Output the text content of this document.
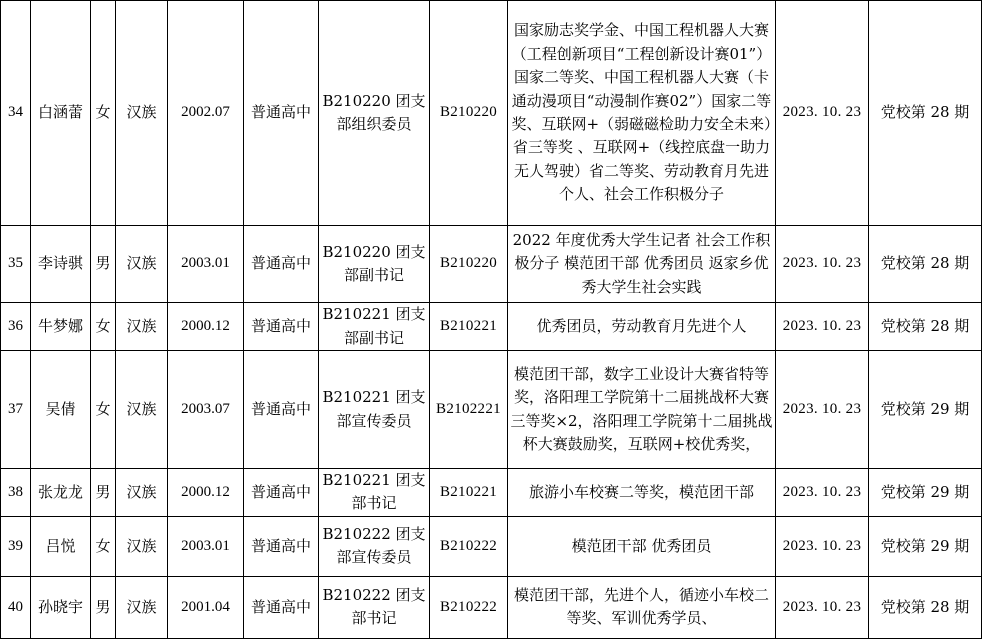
34	白涵蕾	女	汉族	2002.07	普通高中	B210220 团支部组织委员	B210220	国家励志奖学金、中国工程机器人大赛（工程创新项目“工程创新设计赛01”）国家二等奖、中国工程机器人大赛（卡通动漫项目“动漫制作赛02”）国家二等奖、互联网+（弱磁磁检助力安全未来）省三等奖 、互联网+（线控底盘一助力无人驾驶）省二等奖、劳动教育月先进个人、社会工作积极分子	2023. 10. 23	党校第 28 期
35	李诗骐	男	汉族	2003.01	普通高中	B210220 团支部副书记	B210220	2022 年度优秀大学生记者 社会工作积极分子 模范团干部 优秀团员 返家乡优秀大学生社会实践	2023. 10. 23	党校第 28 期
36	牛梦娜	女	汉族	2000.12	普通高中	B210221 团支部副书记	B210221	优秀团员，劳动教育月先进个人	2023. 10. 23	党校第 28 期
37	吴倩	女	汉族	2003.07	普通高中	B210221 团支部宣传委员	B2102221	模范团干部，数字工业设计大赛省特等奖，洛阳理工学院第十二届挑战杯大赛三等奖×2，洛阳理工学院第十二届挑战杯大赛鼓励奖，互联网+校优秀奖，	2023. 10. 23	党校第 29 期
38	张龙龙	男	汉族	2000.12	普通高中	B210221 团支部书记	B210221	旅游小车校赛二等奖，模范团干部	2023. 10. 23	党校第 29 期
39	吕悦	女	汉族	2003.01	普通高中	B210222 团支部宣传委员	B210222	模范团干部 优秀团员	2023. 10. 23	党校第 29 期
40	孙晓宇	男	汉族	2001.04	普通高中	B210222 团支部书记	B210222	模范团干部，先进个人，循迹小车校二等奖、军训优秀学员、	2023. 10. 23	党校第 28 期
